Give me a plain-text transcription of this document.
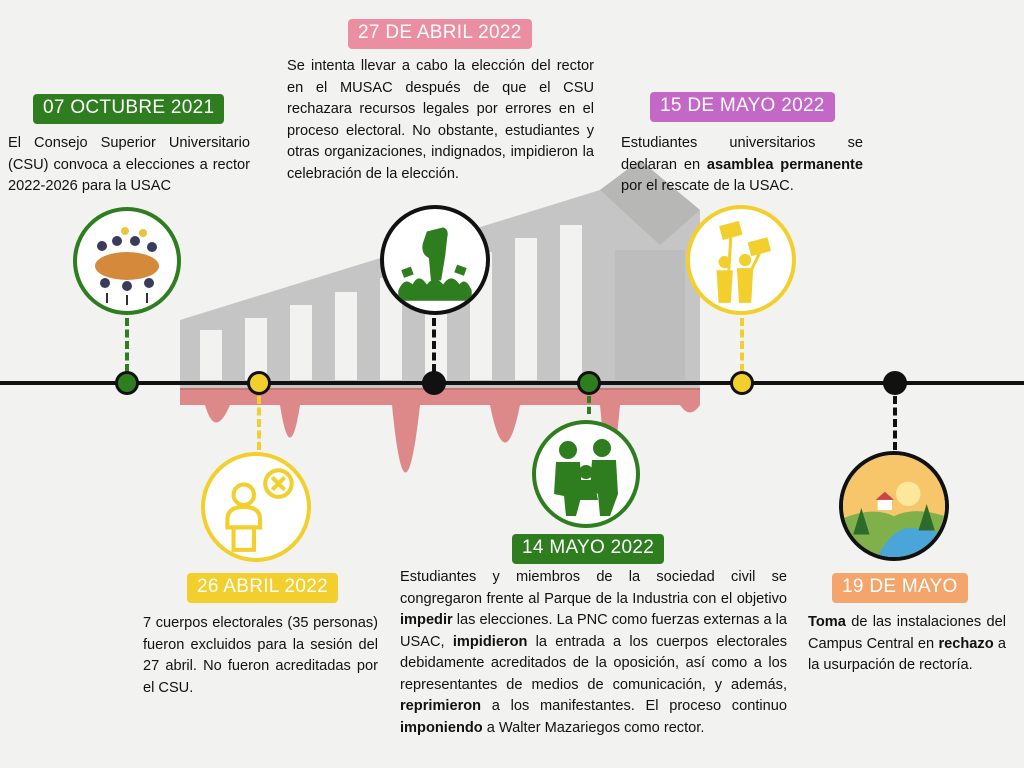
07 OCTUBRE 2021
El Consejo Superior Universitario (CSU) convoca a elecciones a rector 2022-2026 para la USAC
26 ABRIL 2022
7 cuerpos electorales (35 personas) fueron excluidos para la sesión del 27 abril. No fueron acreditadas por el CSU.
27 DE ABRIL 2022
Se intenta llevar a cabo la elección del rector en el MUSAC después de que el CSU rechazara recursos legales por errores en el proceso electoral. No obstante, estudiantes y otras organizaciones, indignados, impidieron la celebración de la elección.
14 MAYO 2022
Estudiantes y miembros de la sociedad civil se congregaron frente al Parque de la Industria con el objetivo impedir las elecciones. La PNC como fuerzas externas a la USAC, impidieron la entrada a los cuerpos electorales debidamente acreditados de la oposición, así como a los representantes de medios de comunicación, y además, reprimieron a los manifestantes. El proceso continuo imponiendo a Walter Mazariegos como rector.
15 DE MAYO 2022
Estudiantes universitarios se declaran en asamblea permanente por el rescate de la USAC.
19 DE MAYO
Toma de las instalaciones del Campus Central en rechazo a la usurpación de rectoría.
